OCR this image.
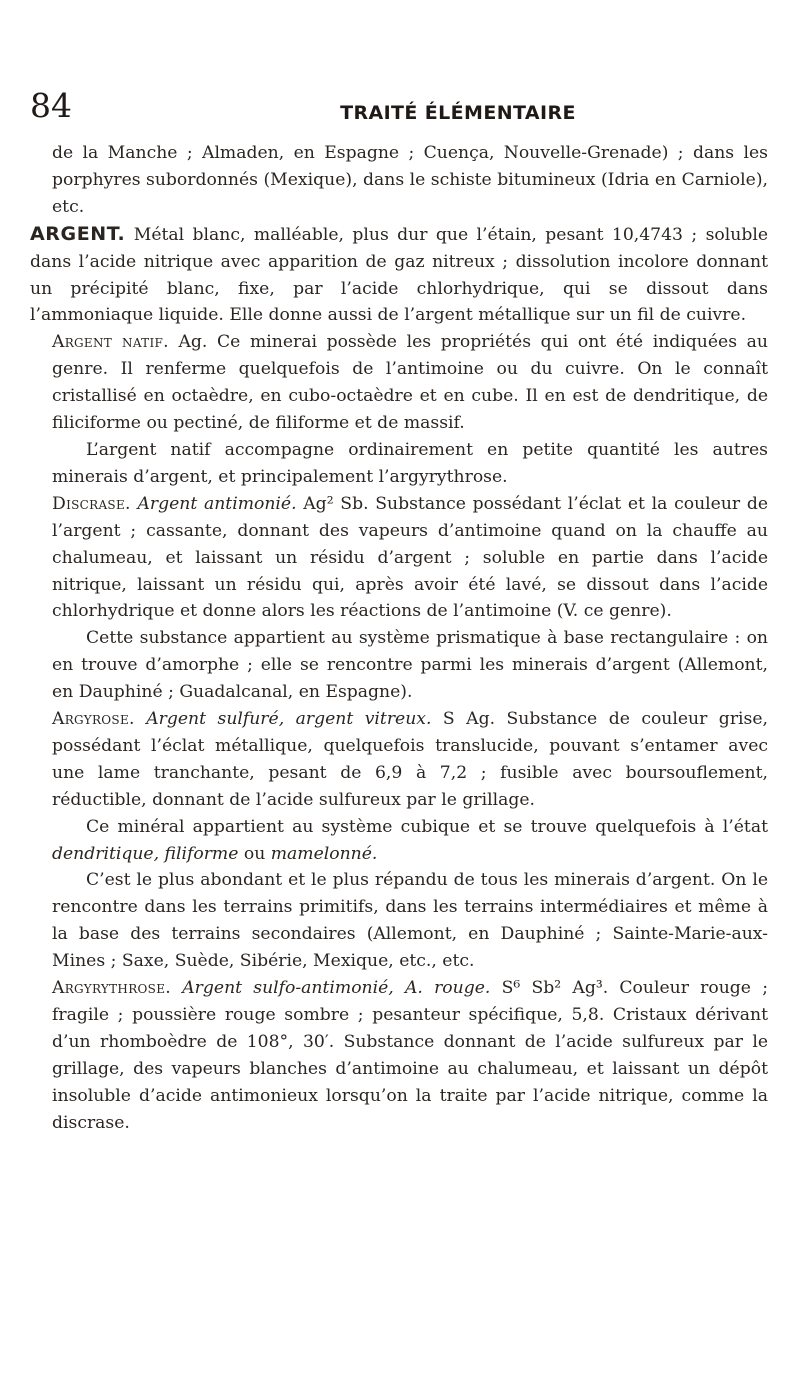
84	TRAITÉ ÉLÉMENTAIRE

de la Manche ; Almaden, en Espagne ; Cuença, Nouvelle-Grenade) ; dans les porphyres subordonnés (Mexique), dans le schiste bitumineux (Idria en Carniole), etc.

ARGENT. Métal blanc, malléable, plus dur que l’étain, pesant 10,4743 ; soluble dans l’acide nitrique avec apparition de gaz nitreux ; dissolution incolore donnant un précipité blanc, fixe, par l’acide chlorhydrique, qui se dissout dans l’ammoniaque liquide. Elle donne aussi de l’argent métallique sur un fil de cuivre.

Argent natif. Ag. Ce minerai possède les propriétés qui ont été indiquées au genre. Il renferme quelquefois de l’antimoine ou du cuivre. On le connaît cristallisé en octaèdre, en cubo-octaèdre et en cube. Il en est de dendritique, de filiciforme ou pectiné, de filiforme et de massif.

L’argent natif accompagne ordinairement en petite quantité les autres minerais d’argent, et principalement l’argyrythrose.

Discrase. Argent antimonié. Ag² Sb. Substance possédant l’éclat et la couleur de l’argent ; cassante, donnant des vapeurs d’antimoine quand on la chauffe au chalumeau, et laissant un résidu d’argent ; soluble en partie dans l’acide nitrique, laissant un résidu qui, après avoir été lavé, se dissout dans l’acide chlorhydrique et donne alors les réactions de l’antimoine (V. ce genre).

Cette substance appartient au système prismatique à base rectangulaire : on en trouve d’amorphe ; elle se rencontre parmi les minerais d’argent (Allemont, en Dauphiné ; Guadalcanal, en Espagne).

Argyrose. Argent sulfuré, argent vitreux. S Ag. Substance de couleur grise, possédant l’éclat métallique, quelquefois translucide, pouvant s’entamer avec une lame tranchante, pesant de 6,9 à 7,2 ; fusible avec boursouflement, réductible, donnant de l’acide sulfureux par le grillage.

Ce minéral appartient au système cubique et se trouve quelquefois à l’état dendritique, filiforme ou mamelonné.

C’est le plus abondant et le plus répandu de tous les minerais d’argent. On le rencontre dans les terrains primitifs, dans les terrains intermédiaires et même à la base des terrains secondaires (Allemont, en Dauphiné ; Sainte-Marie-aux-Mines ; Saxe, Suède, Sibérie, Mexique, etc., etc.

Argyrythrose. Argent sulfo-antimonié, A. rouge. S⁶ Sb² Ag³. Couleur rouge ; fragile ; poussière rouge sombre ; pesanteur spécifique, 5,8. Cristaux dérivant d’un rhomboèdre de 108°, 30′. Substance donnant de l’acide sulfureux par le grillage, des vapeurs blanches d’antimoine au chalumeau, et laissant un dépôt insoluble d’acide antimonieux lorsqu’on la traite par l’acide nitrique, comme la discrase.
